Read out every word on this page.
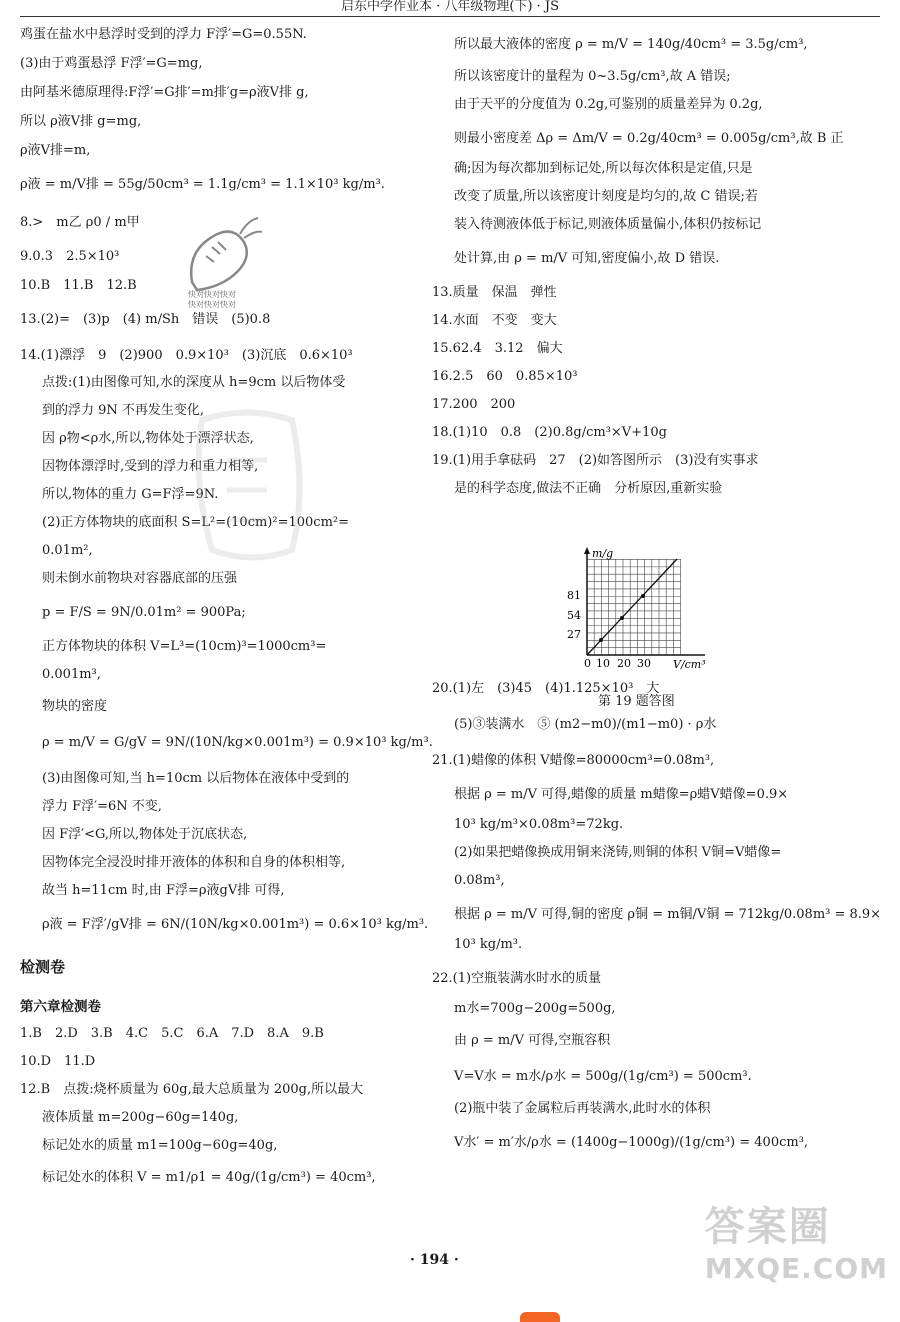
启东中学作业本 · 八年级物理(下) · JS

鸡蛋在盐水中悬浮时受到的浮力 F浮′=G=0.55N.

(3)由于鸡蛋悬浮 F浮′=G=mg,

由阿基米德原理得:F浮′=G排′=m排′g=ρ液V排 g,

所以 ρ液V排 g=mg,

ρ液V排=m,

ρ液 = m/V排 = 55g/50cm³ = 1.1g/cm³ = 1.1×10³ kg/m³.

8.>　m乙 ρ0 / m甲

9.0.3　2.5×10³

10.B　11.B　12.B

13.(2)=　(3)p　(4) m/Sh　错误　(5)0.8

14.(1)漂浮　9　(2)900　0.9×10³　(3)沉底　0.6×10³

点拨:(1)由图像可知,水的深度从 h=9cm 以后物体受

到的浮力 9N 不再发生变化,

因 ρ物<ρ水,所以,物体处于漂浮状态,

因物体漂浮时,受到的浮力和重力相等,

所以,物体的重力 G=F浮=9N.

(2)正方体物块的底面积 S=L²=(10cm)²=100cm²=

0.01m²,

则未倒水前物块对容器底部的压强

p = F/S = 9N/0.01m² = 900Pa;

正方体物块的体积 V=L³=(10cm)³=1000cm³=

0.001m³,

物块的密度

ρ = m/V = G/gV = 9N/(10N/kg×0.001m³) = 0.9×10³ kg/m³.

(3)由图像可知,当 h=10cm 以后物体在液体中受到的

浮力 F浮′=6N 不变,

因 F浮′<G,所以,物体处于沉底状态,

因物体完全浸没时排开液体的体积和自身的体积相等,

故当 h=11cm 时,由 F浮=ρ液gV排 可得,

ρ液 = F浮′/gV排 = 6N/(10N/kg×0.001m³) = 0.6×10³ kg/m³.

检测卷

第六章检测卷

1.B　2.D　3.B　4.C　5.C　6.A　7.D　8.A　9.B

10.D　11.D

12.B　点拨:烧杯质量为 60g,最大总质量为 200g,所以最大

液体质量 m=200g−60g=140g,

标记处水的质量 m1=100g−60g=40g,

标记处水的体积 V = m1/ρ1 = 40g/(1g/cm³) = 40cm³,

所以最大液体的密度 ρ = m/V = 140g/40cm³ = 3.5g/cm³,

所以该密度计的量程为 0~3.5g/cm³,故 A 错误;

由于天平的分度值为 0.2g,可鉴别的质量差异为 0.2g,

则最小密度差 Δρ = Δm/V = 0.2g/40cm³ = 0.005g/cm³,故 B 正

确;因为每次都加到标记处,所以每次体积是定值,只是

改变了质量,所以该密度计刻度是均匀的,故 C 错误;若

装入待测液体低于标记,则液体质量偏小,体积仍按标记

处计算,由 ρ = m/V 可知,密度偏小,故 D 错误.

13.质量　保温　弹性

14.水面　不变　变大

15.62.4　3.12　偏大

16.2.5　60　0.85×10³

17.200　200

18.(1)10　0.8　(2)0.8g/cm³×V+10g

19.(1)用手拿砝码　27　(2)如答图所示　(3)没有实事求

是的科学态度,做法不正确　分析原因,重新实验

20.(1)左　(3)45　(4)1.125×10³　大

(5)③装满水　⑤ (m2−m0)/(m1−m0) · ρ水

21.(1)蜡像的体积 V蜡像=80000cm³=0.08m³,

根据 ρ = m/V 可得,蜡像的质量 m蜡像=ρ蜡V蜡像=0.9×

10³ kg/m³×0.08m³=72kg.

(2)如果把蜡像换成用铜来浇铸,则铜的体积 V铜=V蜡像=

0.08m³,

根据 ρ = m/V 可得,铜的密度 ρ铜 = m铜/V铜 = 712kg/0.08m³ = 8.9×

10³ kg/m³.

22.(1)空瓶装满水时水的质量

m水=700g−200g=500g,

由 ρ = m/V 可得,空瓶容积

V=V水 = m水/ρ水 = 500g/(1g/cm³) = 500cm³.

(2)瓶中装了金属粒后再装满水,此时水的体积

V水′ = m′水/ρ水 = (1400g−1000g)/(1g/cm³) = 400cm³,

快对快对快对
快对快对快对
m/g
V/cm³
81
54
27
0 10 20 30
第 19 题答图
· 194 ·
答案圈
MXQE.COM
